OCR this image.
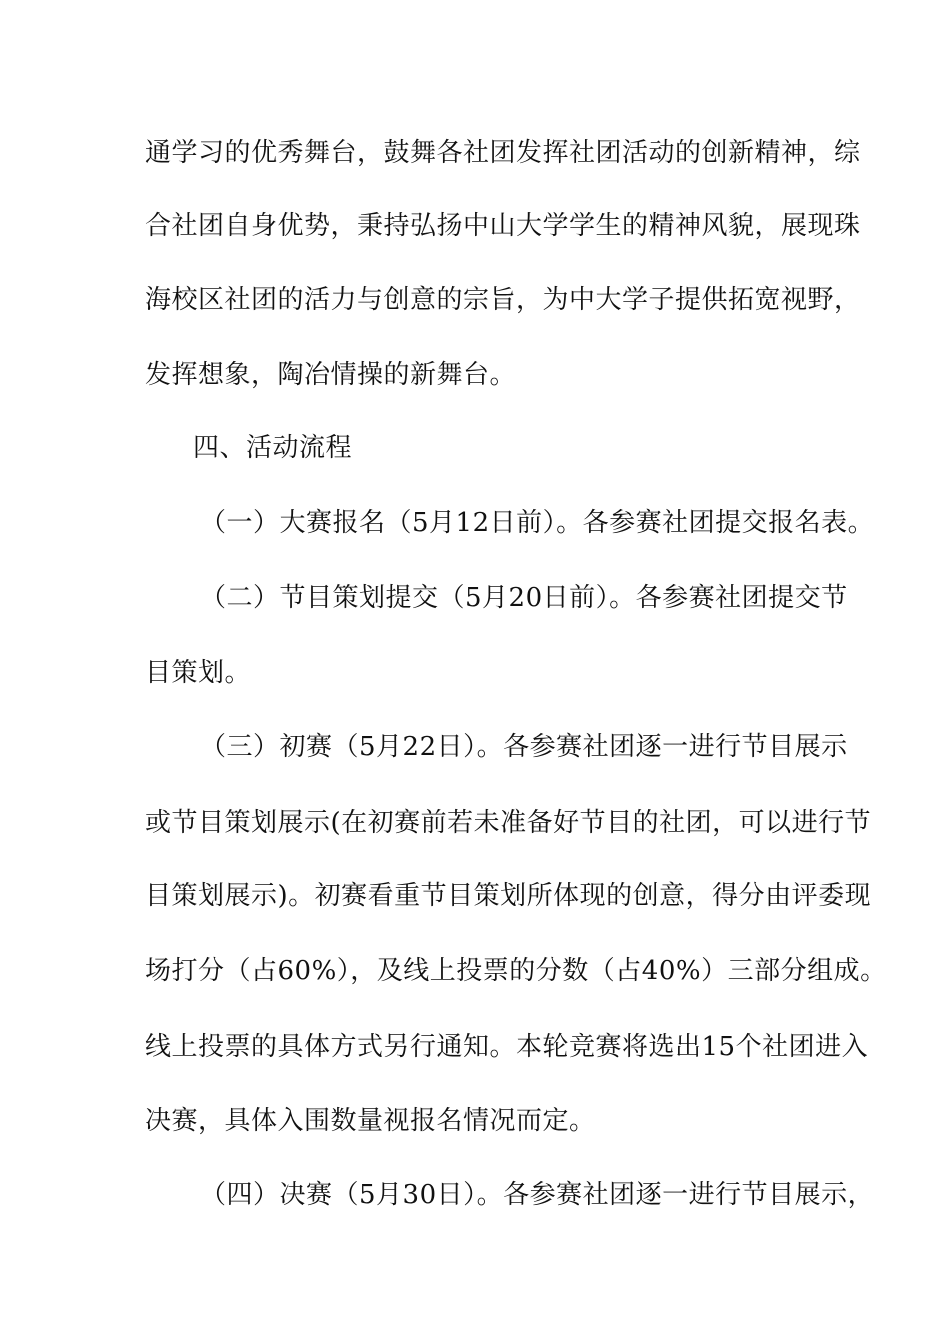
通学习的优秀舞台，鼓舞各社团发挥社团活动的创新精神，综
合社团自身优势，秉持弘扬中山大学学生的精神风貌，展现珠
海校区社团的活力与创意的宗旨，为中大学子提供拓宽视野，
发挥想象，陶冶情操的新舞台。
四、活动流程
（一）大赛报名（5月12日前）。各参赛社团提交报名表。
（二）节目策划提交（5月20日前）。各参赛社团提交节
目策划。
（三）初赛（5月22日）。各参赛社团逐一进行节目展示
或节目策划展示(在初赛前若未准备好节目的社团，可以进行节
目策划展示)。初赛看重节目策划所体现的创意，得分由评委现
场打分（占60%），及线上投票的分数（占40%）三部分组成。
线上投票的具体方式另行通知。本轮竞赛将选出15个社团进入
决赛，具体入围数量视报名情况而定。
（四）决赛（5月30日）。各参赛社团逐一进行节目展示，
